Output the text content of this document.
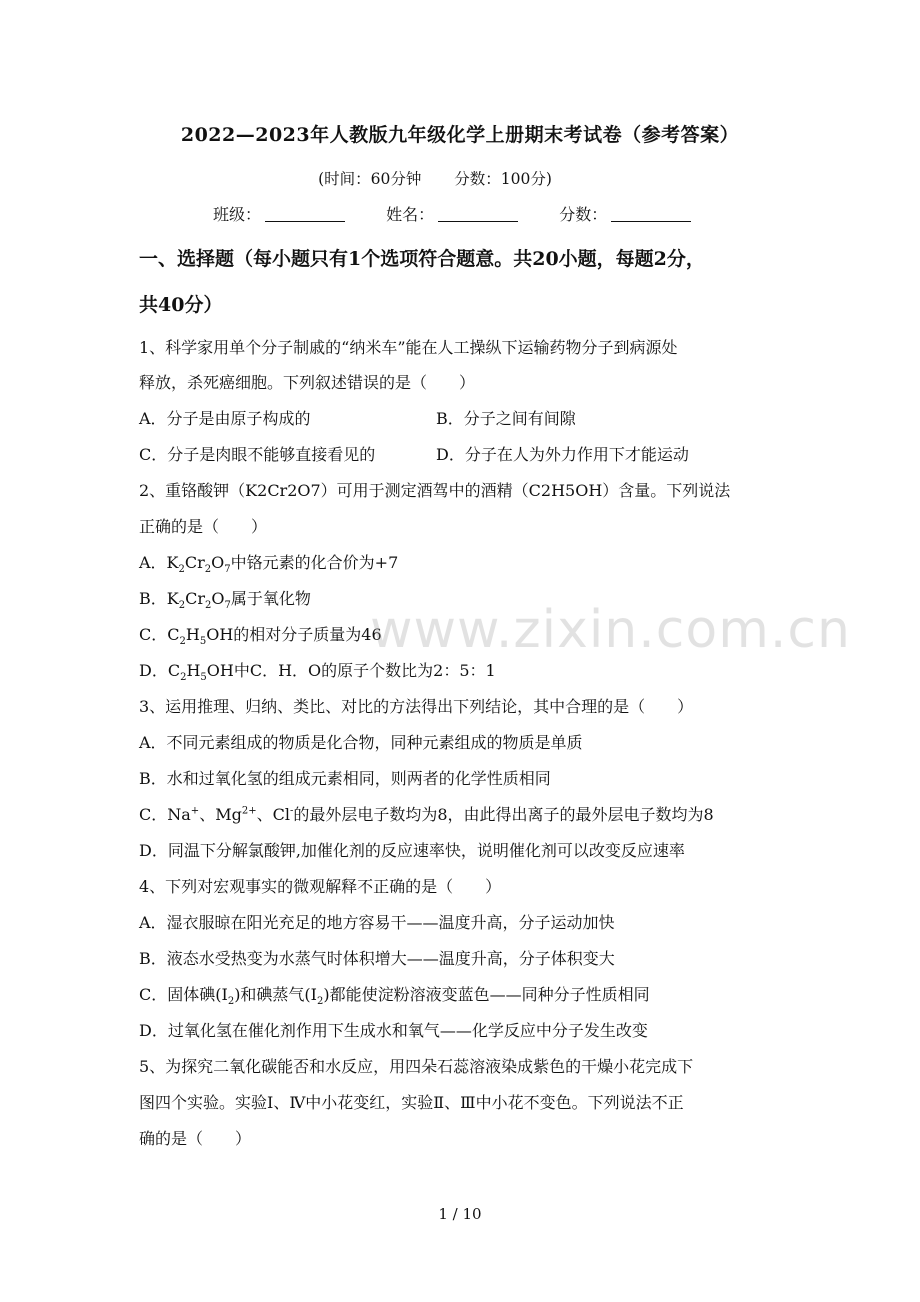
2022—2023年人教版九年级化学上册期末考试卷（参考答案）
(时间：60分钟 分数：100分)
班级：	姓名：	分数：
一、选择题（每小题只有1个选项符合题意。共20小题，每题2分，
共40分）
1、科学家用单个分子制戚的“纳米车”能在人工操纵下运输药物分子到病源处
释放，杀死癌细胞。下列叙述错误的是（　　）
A．分子是由原子构成的	B．分子之间有间隙
C．分子是肉眼不能够直接看见的	D．分子在人为外力作用下才能运动
2、重铬酸钾（K2Cr2O7）可用于测定酒驾中的酒精（C2H5OH）含量。下列说法
正确的是（　　）
A．$K_2Cr_2O_7$中铬元素的化合价为+7
B．$K_2Cr_2O_7$属于氧化物
C．$C_2H_5OH$的相对分子质量为46
D．$C_2H_5OH$中C．H．O的原子个数比为2：5：1
3、运用推理、归纳、类比、对比的方法得出下列结论，其中合理的是（　　）
A．不同元素组成的物质是化合物，同种元素组成的物质是单质
B．水和过氧化氢的组成元素相同，则两者的化学性质相同
C．Na+、$Mg^{2+}$、Cl-的最外层电子数均为8，由此得出离子的最外层电子数均为8
D．同温下分解氯酸钾,加催化剂的反应速率快，说明催化剂可以改变反应速率
4、下列对宏观事实的微观解释不正确的是（　　）
A．湿衣服晾在阳光充足的地方容易干——温度升高，分子运动加快
B．液态水受热变为水蒸气时体积增大——温度升高，分子体积变大
C．固体碘$(I_2)$和碘蒸气$(I_2)$都能使淀粉溶液变蓝色——同种分子性质相同
D．过氧化氢在催化剂作用下生成水和氧气——化学反应中分子发生改变
5、为探究二氧化碳能否和水反应，用四朵石蕊溶液染成紫色的干燥小花完成下
图四个实验。实验Ⅰ、Ⅳ中小花变红，实验Ⅱ、Ⅲ中小花不变色。下列说法不正
确的是（　　）
www.zixin.com.cn
1 / 10
